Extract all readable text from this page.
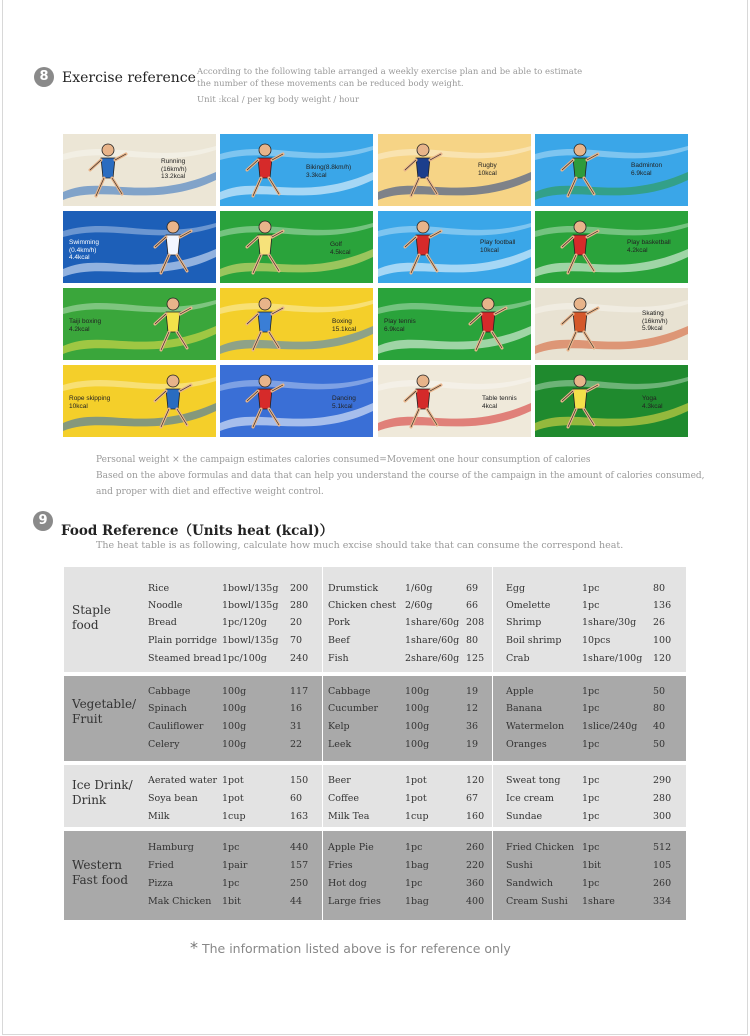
8 Exercise reference According to the following table arranged a weekly exercise plan and be able to estimate
the number of these movements can be reduced body weight.
Unit :kcal / per kg body weight / hour
Running
(16km/h)
13.2kcal
Biking(8.8km/h)
3.3kcal
Rugby
10kcal
Badminton
6.9kcal
Swimming
(0.4km/h)
4.4kcal
Golf
4.5kcal
Play football
10kcal
Play basketball
4.2kcal
Taiji boxing
4.2kcal
Boxing
15.1kcal
Play tennis
6.9kcal
Skating
(16km/h)
5.9kcal
Rope skipping
10kcal
Dancing
5.1kcal
Table tennis
4kcal
Yoga
4.3kcal
Personal weight × the campaign estimates calories consumed=Movement one hour consumption of calories
Based on the above formulas and data that can help you understand the course of the campaign in the amount of calories consumed,
and proper with diet and effective weight control.
9
Food Reference（Units heat (kcal)）
The heat table is as following, calculate how much excise should take that can consume the correspond heat.
Staple
food
Rice	1bowl/135g 200
Noodle	1bowl/135g 280
Bread	1pc/120g 20
Plain porridge 1bowl/135g 70
Steamed bread 1pc/100g 240
Drumstick	1/60g	69
Chicken chest 2/60g	66
Pork	1share/60g 208
Beef	1share/60g 80
Fish	2share/60g 125
Egg	1pc	80
Omelette	1pc	136
Shrimp	1share/30g 26
Boil shrimp 10pcs	100
Crab	1share/100g 120
Vegetable/
Fruit
Cabbage	100g	117
Spinach	100g	16
Cauliflower 100g	31
Celery	100g	22
Cabbage	100g	19
Cucumber	100g	12
Kelp	100g	36
Leek	100g	19
Apple	1pc	50
Banana	1pc	80
Watermelon 1slice/240g 40
Oranges	1pc	50
Ice Drink/
Drink
Aerated water 1pot	150
Soya bean	1pot	60
Milk	1cup	163
Beer	1pot	120
Coffee	1pot	67
Milk Tea	1cup	160
Sweat tong 1pc	290
Ice cream	1pc	280
Sundae	1pc	300
Western
Fast food
Hamburg	1pc	440
Fried	1pair	157
Pizza	1pc	250
Mak Chicken 1bit	44
Apple Pie	1pc	260
Fries	1bag	220
Hot dog	1pc	360
Large fries	1bag	400
Fried Chicken 1pc	512
Sushi	1bit	105
Sandwich	1pc	260
Cream Sushi 1share	334
* The information listed above is for reference only
